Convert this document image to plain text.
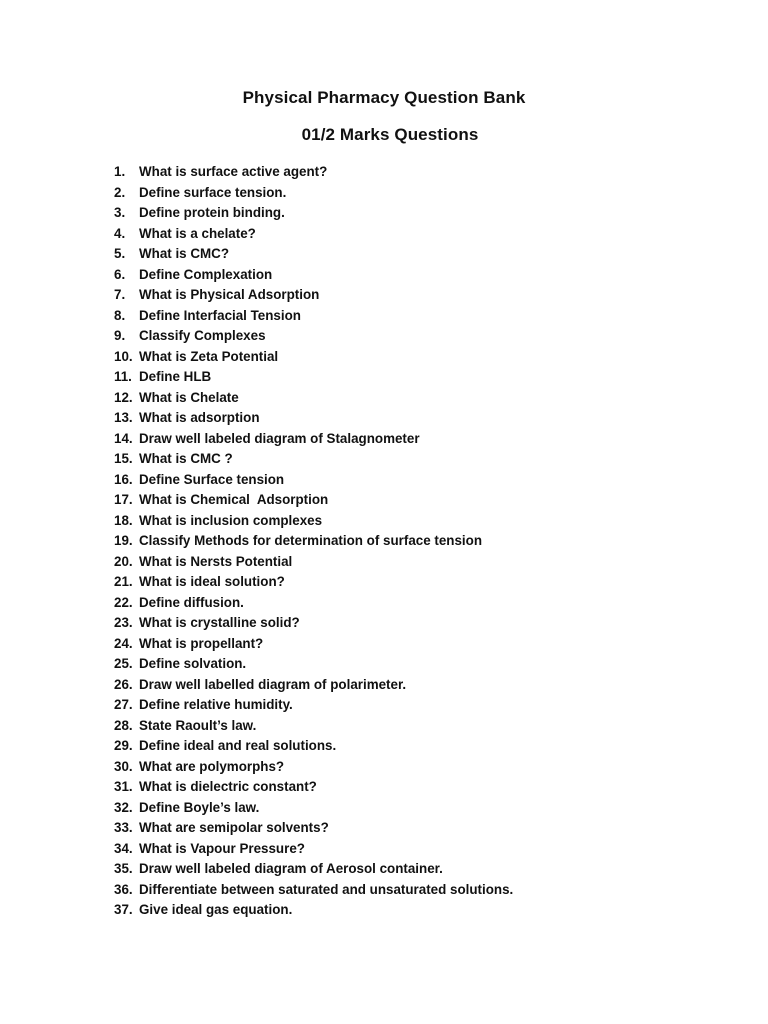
Physical Pharmacy Question Bank
01/2 Marks Questions
1.	What is surface active agent?
2.	Define surface tension.
3.	Define protein binding.
4.	What is a chelate?
5.	What is CMC?
6.	Define Complexation
7.	What is Physical Adsorption
8.	Define Interfacial Tension
9.	Classify Complexes
10. What is Zeta Potential
11. Define HLB
12. What is Chelate
13. What is adsorption
14. Draw well labeled diagram of Stalagnometer
15. What is CMC ?
16. Define Surface tension
17. What is Chemical  Adsorption
18. What is inclusion complexes
19. Classify Methods for determination of surface tension
20. What is Nersts Potential
21. What is ideal solution?
22. Define diffusion.
23. What is crystalline solid?
24. What is propellant?
25. Define solvation.
26. Draw well labelled diagram of polarimeter.
27. Define relative humidity.
28. State Raoult’s law.
29. Define ideal and real solutions.
30. What are polymorphs?
31. What is dielectric constant?
32. Define Boyle’s law.
33. What are semipolar solvents?
34. What is Vapour Pressure?
35. Draw well labeled diagram of Aerosol container.
36. Differentiate between saturated and unsaturated solutions.
37. Give ideal gas equation.
